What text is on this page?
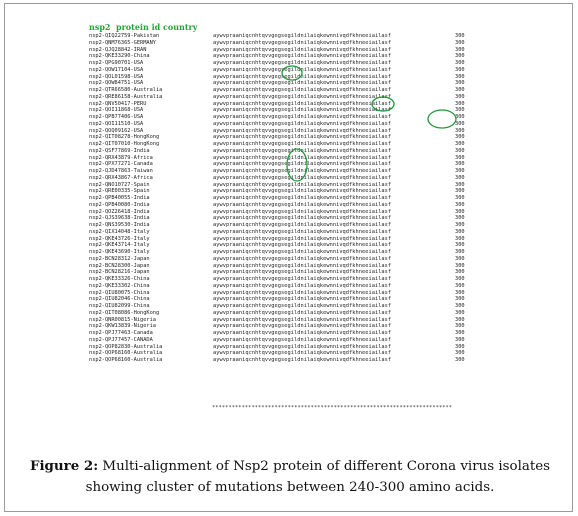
nsp2 protein id country
nsp2-QIQ22759-Pakistan	aywvpraaniqcnhtqvvgegsegildnilaiqkewnnivqdfkhneeiailasf	300
nsp2-QNM76365-GERMANY	aywvpraaniqcnhtqvvgegsegildnilaiqkewnnivqdfkhneeiailasf	300
nsp2-QJQ28842-IRAN	aywvpraaniqcnhtqvvgegsegildnilaiqkewnnivqdfkhneeiailasf	300
nsp2-QKE33290-China	aywvpraaniqcnhtqvvgegsegildnilaiqkewnnivqdfkhneeiailasf	300
nsp2-QPG90701-USA	aywvpraaniqcnhtqvvgegsegildnilaiqkewnnivqdfkhneeiailasf	300
nsp2-QOW17104-USA	aywvpraaniqcnhtqvvgegsegildnilaiqkewnnivqdfkhneeiailasf	300
nsp2-QOL01598-USA	aywvpraaniqcnhtqvvgegsegildnilaiqkewnnivqdfkhneeiailasf	300
nsp2-QOW84751-USA	aywvpraaniqcnhtqvvgegsegildnilaiqkewnnivqdfkhneeiailasf	300
nsp2-QTR66580-Australia	aywvpraaniqcnhtqvvgegsegildnilaiqkewnnivqdfkhneeiailasf	300
nsp2-QRE86158-Australia	aywvpraaniqcnhtqvvgegsegildnilaiqkewnnivqdfkhneeiailasf	300
nsp2-QNV50417-PERU	aywvpraaniqcnhtqvvgegsegildnilaiqkewnnivqdfkhneeiailasf	300
nsp2-QOI11868-USA	aywvpraaniqcnhtqvvgegsegildnilaiqkewnnivqdfkhneeiailasf	300
nsp2-QPB77406-USA	aywvpraaniqcnhtqvvgegsegildnilaiqkewnnivqdfkhneeiailasf	300
nsp2-QOI11510-USA	aywvpraaniqcnhtqvvgegsegildnilaiqkewnnivqdfkhneeiailasf	300
nsp2-QOQ09162-USA	aywvpraaniqcnhtqvvgegsegildnilaiqkewnnivqdfkhneeiailasf	300
nsp2-QIT08278-HongKong	aywvpraaniqcnhtqvvgegsegildnilaiqkewnnivqdfkhneeiailasf	300
nsp2-QIT07010-HongKong	aywvpraaniqcnhtqvvgegsegildnilaiqkewnnivqdfkhneeiailasf	300
nsp2-QSF77869-India	aywvpraaniqcnhtqvvgegsegildnilaiqkewnnivqdfkhneeiailasf	300
nsp2-QRX43879-Africa	aywvpraaniqcnhtqvvgegsegildnilaiqkewnnivqdfkhneeiailasf	300
nsp2-QPX77271-Canada	aywvpraaniqcnhtqvvgegsegildnilaiqkewnnivqdfkhneeiailasf	300
nsp2-QJD47863-Taiwan	aywvpraaniqcnhtqvvgegsegildnilaiqkewnnivqdfkhneeiailasf	300
nsp2-QRX43867-Africa	aywvpraaniqcnhtqvvgegsegildnilaiqkewnnivqdfkhneeiailasf	300
nsp2-QNO10727-Spain	aywvpraaniqcnhtqvvgegsegildnilaiqkewnnivqdfkhneeiailasf	300
nsp2-QRE00335-Spain	aywvpraaniqcnhtqvvgegsegildnilaiqkewnnivqdfkhneeiailasf	300
nsp2-QPB40055-India	aywvpraaniqcnhtqvvgegsegildnilaiqkewnnivqdfkhneeiailasf	300
nsp2-QPB40080-India	aywvpraaniqcnhtqvvgegsegildnilaiqkewnnivqdfkhneeiailasf	300
nsp2-QOZ26418-India	aywvpraaniqcnhtqvvgegsegildnilaiqkewnnivqdfkhneeiailasf	300
nsp2-QJS39638-India	aywvpraaniqcnhtqvvgegsegildnilaiqkewnnivqdfkhneeiailasf	300
nsp2-QNS39530-India	aywvpraaniqcnhtqvvgegsegildnilaiqkewnnivqdfkhneeiailasf	300
nsp2-QIX14048-Italy	aywvpraaniqcnhtqvvgegsegildnilaiqkewnnivqdfkhneeiailasf	300
nsp2-QKE43726-Italy	aywvpraaniqcnhtqvvgegsegildnilaiqkewnnivqdfkhneeiailasf	300
nsp2-QKE43714-Italy	aywvpraaniqcnhtqvvgegsegildnilaiqkewnnivqdfkhneeiailasf	300
nsp2-QKE43690-Italy	aywvpraaniqcnhtqvvgegsegildnilaiqkewnnivqdfkhneeiailasf	300
nsp2-BCN28312-Japan	aywvpraaniqcnhtqvvgegsegildnilaiqkewnnivqdfkhneeiailasf	300
nsp2-BCN28300-Japan	aywvpraaniqcnhtqvvgegsegildnilaiqkewnnivqdfkhneeiailasf	300
nsp2-BCN28216-Japan	aywvpraaniqcnhtqvvgegsegildnilaiqkewnnivqdfkhneeiailasf	300
nsp2-QKE33326-China	aywvpraaniqcnhtqvvgegsegildnilaiqkewnnivqdfkhneeiailasf	300
nsp2-QKE33302-China	aywvpraaniqcnhtqvvgegsegildnilaiqkewnnivqdfkhneeiailasf	300
nsp2-QIU80075-China	aywvpraaniqcnhtqvvgegsegildnilaiqkewnnivqdfkhneeiailasf	300
nsp2-QIU82046-China	aywvpraaniqcnhtqvvgegsegildnilaiqkewnnivqdfkhneeiailasf	300
nsp2-QIU82099-China	aywvpraaniqcnhtqvvgegsegildnilaiqkewnnivqdfkhneeiailasf	300
nsp2-QIT08086-HongKong	aywvpraaniqcnhtqvvgegsegildnilaiqkewnnivqdfkhneeiailasf	300
nsp2-QNR00815-Nigeria	aywvpraaniqcnhtqvvgegsegildnilaiqkewnnivqdfkhneeiailasf	300
nsp2-QKW13839-Nigeria	aywvpraaniqcnhtqvvgegsegildnilaiqkewnnivqdfkhneeiailasf	300
nsp2-QPJ77463-Canada	aywvpraaniqcnhtqvvgegsegildnilaiqkewnnivqdfkhneeiailasf	300
nsp2-QPJ77457-CANADA	aywvpraaniqcnhtqvvgegsegildnilaiqkewnnivqdfkhneeiailasf	300
nsp2-QOP82830-Australia	aywvpraaniqcnhtqvvgegsegildnilaiqkewnnivqdfkhneeiailasf	300
nsp2-QOP68160-Australia	aywvpraaniqcnhtqvvgegsegildnilaiqkewnnivqdfkhneeiailasf	300
nsp2-QOP68160-Australia	aywvpraaniqcnhtqvvgegsegildnilaiqkewnnivqdfkhneeiailasf	300
*************************************************************************
Figure 2: Multi-alignment of Nsp2 protein of different Corona virus isolates showing cluster of mutations between 240-300 amino acids.
